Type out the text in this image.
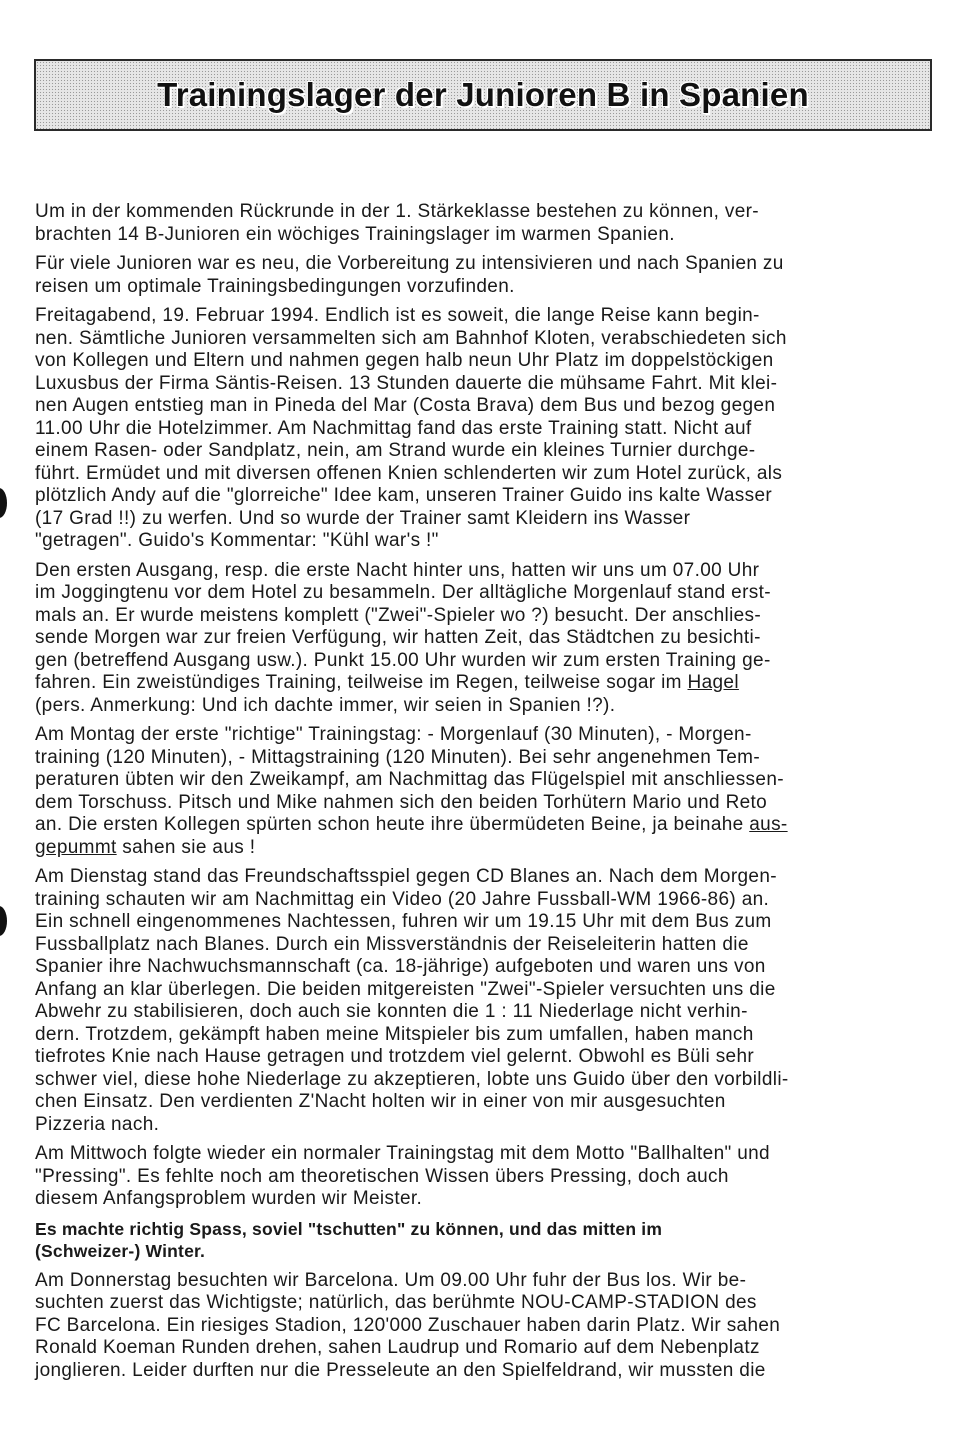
Trainingslager der Junioren B in Spanien

Um in der kommenden Rückrunde in der 1. Stärkeklasse bestehen zu können, ver-
brachten 14 B-Junioren ein wöchiges Trainingslager im warmen Spanien.

Für viele Junioren war es neu, die Vorbereitung zu intensivieren und nach Spanien zu
reisen um optimale Trainingsbedingungen vorzufinden.

Freitagabend, 19. Februar 1994. Endlich ist es soweit, die lange Reise kann begin-
nen. Sämtliche Junioren versammelten sich am Bahnhof Kloten, verabschiedeten sich
von Kollegen und Eltern und nahmen gegen halb neun Uhr Platz im doppelstöckigen
Luxusbus der Firma Säntis-Reisen. 13 Stunden dauerte die mühsame Fahrt. Mit klei-
nen Augen entstieg man in Pineda del Mar (Costa Brava) dem Bus und bezog gegen
11.00 Uhr die Hotelzimmer. Am Nachmittag fand das erste Training statt. Nicht auf
einem Rasen- oder Sandplatz, nein, am Strand wurde ein kleines Turnier durchge-
führt. Ermüdet und mit diversen offenen Knien schlenderten wir zum Hotel zurück, als
plötzlich Andy auf die "glorreiche" Idee kam, unseren Trainer Guido ins kalte Wasser
(17 Grad !!) zu werfen. Und so wurde der Trainer samt Kleidern ins Wasser
"getragen". Guido's Kommentar: "Kühl war's !"

Den ersten Ausgang, resp. die erste Nacht hinter uns, hatten wir uns um 07.00 Uhr
im Joggingtenu vor dem Hotel zu besammeln. Der alltägliche Morgenlauf stand erst-
mals an. Er wurde meistens komplett ("Zwei"-Spieler wo ?) besucht. Der anschlies-
sende Morgen war zur freien Verfügung, wir hatten Zeit, das Städtchen zu besichti-
gen (betreffend Ausgang usw.). Punkt 15.00 Uhr wurden wir zum ersten Training ge-
fahren. Ein zweistündiges Training, teilweise im Regen, teilweise sogar im Hagel
(pers. Anmerkung: Und ich dachte immer, wir seien in Spanien !?).

Am Montag der erste "richtige" Trainingstag: - Morgenlauf (30 Minuten), - Morgen-
training (120 Minuten), - Mittagstraining (120 Minuten). Bei sehr angenehmen Tem-
peraturen übten wir den Zweikampf, am Nachmittag das Flügelspiel mit anschliessen-
dem Torschuss. Pitsch und Mike nahmen sich den beiden Torhütern Mario und Reto
an. Die ersten Kollegen spürten schon heute ihre übermüdeten Beine, ja beinahe aus-
gepummt sahen sie aus !

Am Dienstag stand das Freundschaftsspiel gegen CD Blanes an. Nach dem Morgen-
training schauten wir am Nachmittag ein Video (20 Jahre Fussball-WM 1966-86) an.
Ein schnell eingenommenes Nachtessen, fuhren wir um 19.15 Uhr mit dem Bus zum
Fussballplatz nach Blanes. Durch ein Missverständnis der Reiseleiterin hatten die
Spanier ihre Nachwuchsmannschaft (ca. 18-jährige) aufgeboten und waren uns von
Anfang an klar überlegen. Die beiden mitgereisten "Zwei"-Spieler versuchten uns die
Abwehr zu stabilisieren, doch auch sie konnten die 1 : 11 Niederlage nicht verhin-
dern. Trotzdem, gekämpft haben meine Mitspieler bis zum umfallen, haben manch
tiefrotes Knie nach Hause getragen und trotzdem viel gelernt. Obwohl es Büli sehr
schwer viel, diese hohe Niederlage zu akzeptieren, lobte uns Guido über den vorbildli-
chen Einsatz. Den verdienten Z'Nacht holten wir in einer von mir ausgesuchten
Pizzeria nach.

Am Mittwoch folgte wieder ein normaler Trainingstag mit dem Motto "Ballhalten" und
"Pressing". Es fehlte noch am theoretischen Wissen übers Pressing, doch auch
diesem Anfangsproblem wurden wir Meister.

Es machte richtig Spass, soviel "tschutten" zu können, und das mitten im
(Schweizer-) Winter.

Am Donnerstag besuchten wir Barcelona. Um 09.00 Uhr fuhr der Bus los. Wir be-
suchten zuerst das Wichtigste; natürlich, das berühmte NOU-CAMP-STADION des
FC Barcelona. Ein riesiges Stadion, 120'000 Zuschauer haben darin Platz. Wir sahen
Ronald Koeman Runden drehen, sahen Laudrup und Romario auf dem Nebenplatz
jonglieren. Leider durften nur die Presseleute an den Spielfeldrand, wir mussten die
